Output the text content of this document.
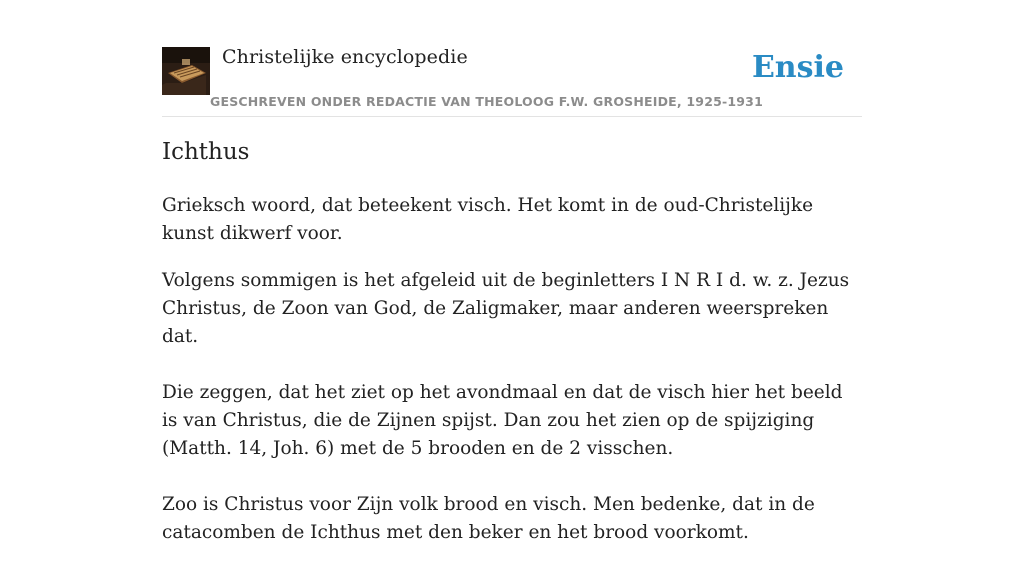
Christelijke encyclopedie
GESCHREVEN ONDER REDACTIE VAN THEOLOOG F.W. GROSHEIDE, 1925-1931
Ensie
Ichthus

Grieksch woord, dat beteekent visch. Het komt in de oud-Christelijke kunst dikwerf voor.

Volgens sommigen is het afgeleid uit de beginletters I N R I d. w. z. Jezus Christus, de Zoon van God, de Zaligmaker, maar anderen weerspreken dat.
Die zeggen, dat het ziet op het avondmaal en dat de visch hier het beeld is van Christus, die de Zijnen spijst. Dan zou het zien op de spijziging (Matth. 14, Joh. 6) met de 5 brooden en de 2 visschen.
Zoo is Christus voor Zijn volk brood en visch. Men bedenke, dat in de catacomben de Ichthus met den beker en het brood voorkomt.
